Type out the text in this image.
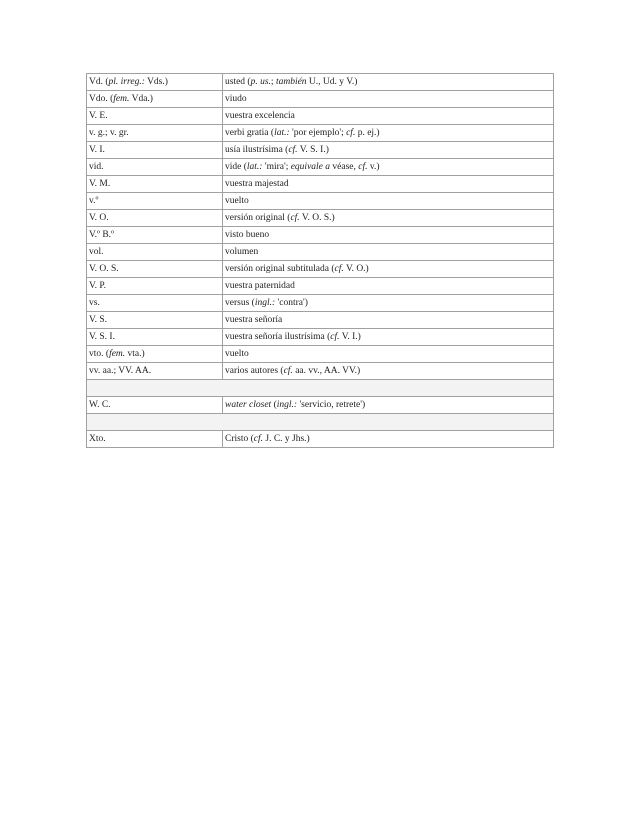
Vd. (pl. irreg.: Vds.)	usted (p. us.; también U., Ud. y V.)
Vdo. (fem. Vda.)	viudo
V. E.	vuestra excelencia
v. g.; v. gr.	verbi gratia (lat.: 'por ejemplo'; cf. p. ej.)
V. I.	usía ilustrísima (cf. V. S. I.)
vid.	vide (lat.: 'mira'; equivale a véase, cf. v.)
V. M.	vuestra majestad
v.º	vuelto
V. O.	versión original (cf. V. O. S.)
V.º B.º	visto bueno
vol.	volumen
V. O. S.	versión original subtitulada (cf. V. O.)
V. P.	vuestra paternidad
vs.	versus (ingl.: 'contra')
V. S.	vuestra señoría
V. S. I.	vuestra señoría ilustrísima (cf. V. I.)
vto. (fem. vta.)	vuelto
vv. aa.; VV. AA.	varios autores (cf. aa. vv., AA. VV.)

W. C.	water closet (ingl.: 'servicio, retrete')

Xto.	Cristo (cf. J. C. y Jhs.)
